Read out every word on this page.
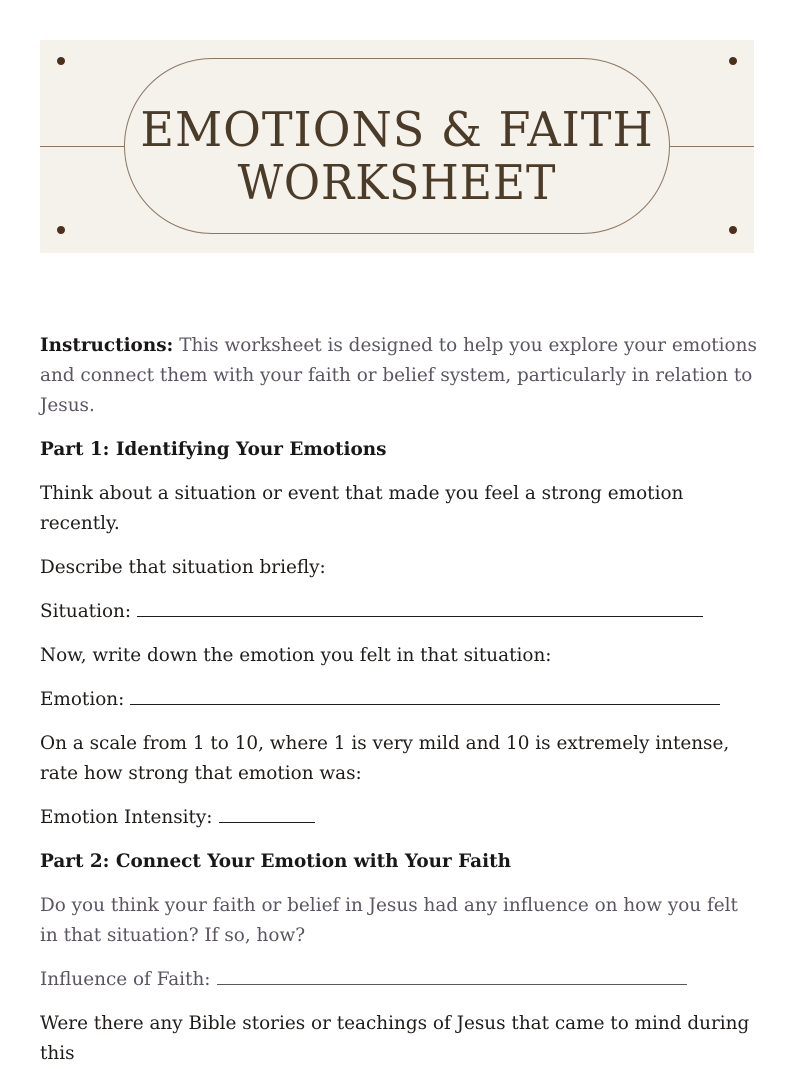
EMOTIONS & FAITH
WORKSHEET

Instructions: This worksheet is designed to help you explore your emotions and connect them with your faith or belief system, particularly in relation to Jesus.

Part 1: Identifying Your Emotions

Think about a situation or event that made you feel a strong emotion recently.

Describe that situation briefly:

Situation:

Now, write down the emotion you felt in that situation:

Emotion:

On a scale from 1 to 10, where 1 is very mild and 10 is extremely intense, rate how strong that emotion was:

Emotion Intensity:

Part 2: Connect Your Emotion with Your Faith

Do you think your faith or belief in Jesus had any influence on how you felt in that situation? If so, how?

Influence of Faith:

Were there any Bible stories or teachings of Jesus that came to mind during this
